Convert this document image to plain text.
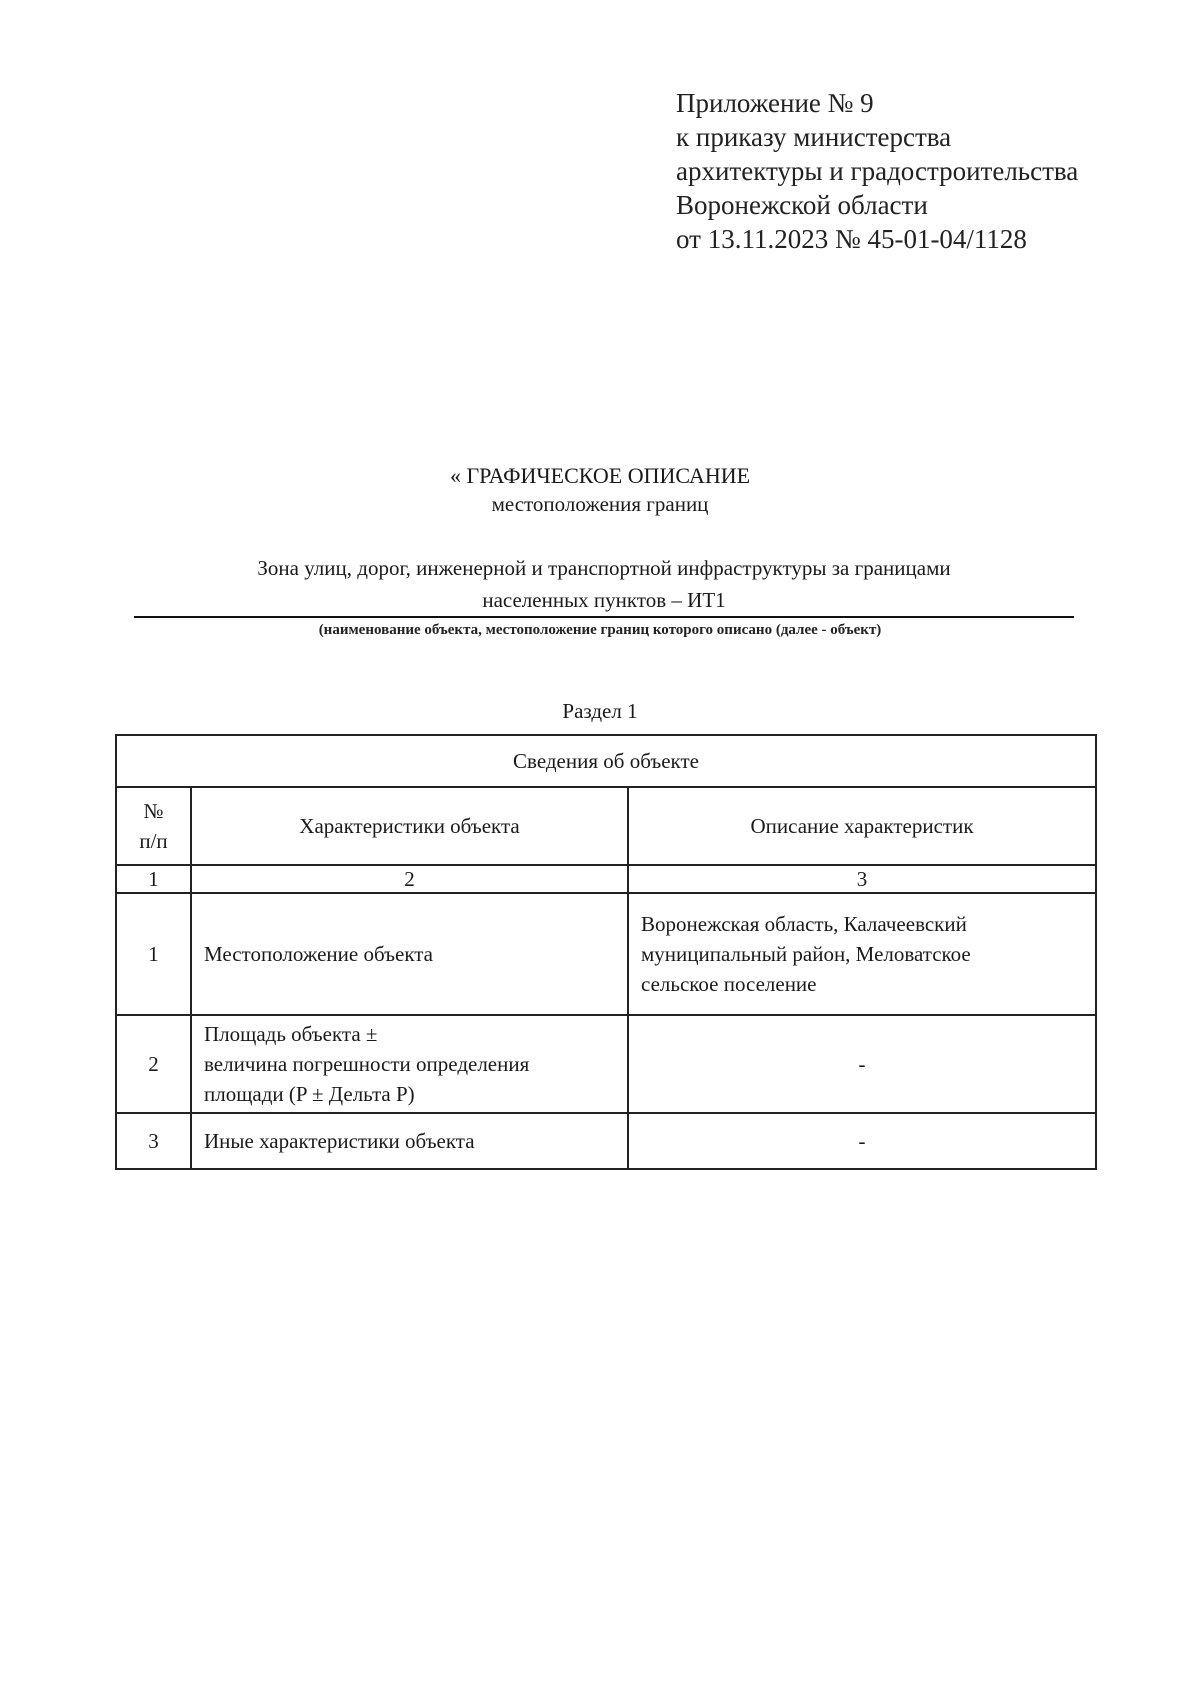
Приложение № 9
к приказу министерства
архитектуры и градостроительства
Воронежской области
от 13.11.2023 № 45-01-04/1128
« ГРАФИЧЕСКОЕ ОПИСАНИЕ
местоположения границ
Зона улиц, дорог, инженерной и транспортной инфраструктуры за границами
населенных пунктов – ИТ1
(наименование объекта, местоположение границ которого описано (далее - объект)
Раздел 1
Сведения об объекте		

№
п/п	Характеристики объекта	Описание характеристик
1	2	3
1	Местоположение объекта	Воронежская область, Калачеевский
муниципальный район, Меловатское
сельское поселение

2	Площадь объекта ±
величина погрешности определения
площади (P ± Дельта P)	-

3	Иные характеристики объекта	-
